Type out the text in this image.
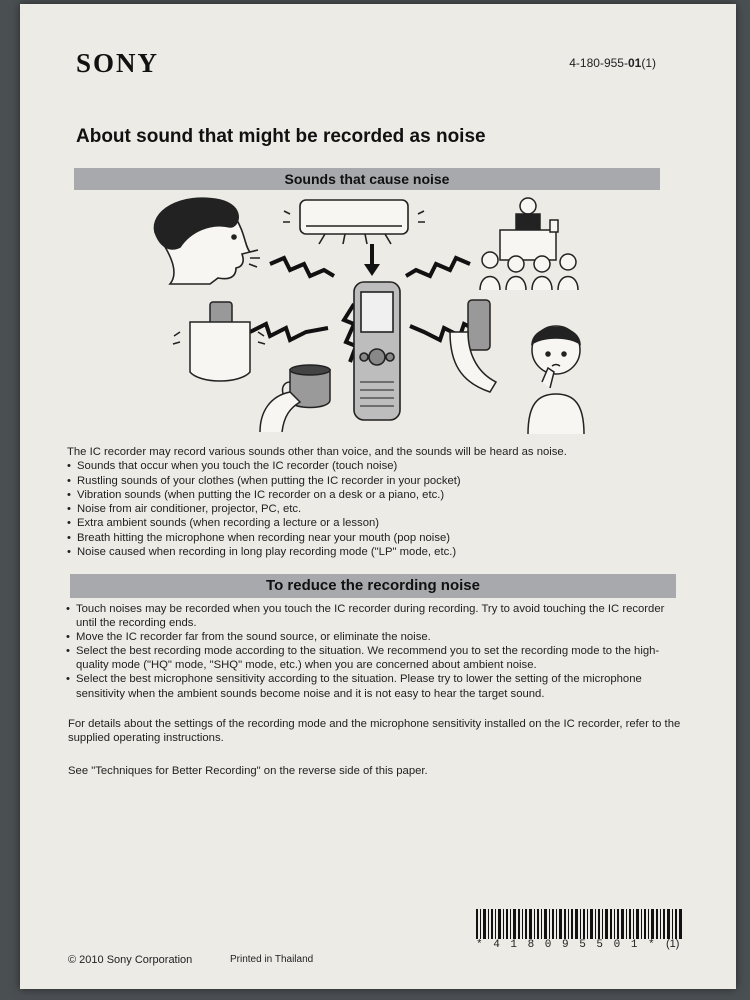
SONY	4-180-955-01(1)
About sound that might be recorded as noise
Sounds that cause noise
The IC recorder may record various sounds other than voice, and the sounds will be heard as noise.
• Sounds that occur when you touch the IC recorder (touch noise)
• Rustling sounds of your clothes (when putting the IC recorder in your pocket)
• Vibration sounds (when putting the IC recorder on a desk or a piano, etc.)
• Noise from air conditioner, projector, PC, etc.
• Extra ambient sounds (when recording a lecture or a lesson)
• Breath hitting the microphone when recording near your mouth (pop noise)
• Noise caused when recording in long play recording mode ("LP" mode, etc.)
To reduce the recording noise
• Touch noises may be recorded when you touch the IC recorder during recording. Try to avoid touching the IC recorder until the recording ends.
• Move the IC recorder far from the sound source, or eliminate the noise.
• Select the best recording mode according to the situation. We recommend you to set the recording mode to the high-quality mode ("HQ" mode, "SHQ" mode, etc.) when you are concerned about ambient noise.
• Select the best microphone sensitivity according to the situation. Please try to lower the setting of the microphone sensitivity when the ambient sounds become noise and it is not easy to hear the target sound.
For details about the settings of the recording mode and the microphone sensitivity installed on the IC recorder, refer to the supplied operating instructions.
See "Techniques for Better Recording" on the reverse side of this paper.
* 4 1 8 0 9 5 5 0 1 * (1)
© 2010 Sony Corporation	Printed in Thailand
